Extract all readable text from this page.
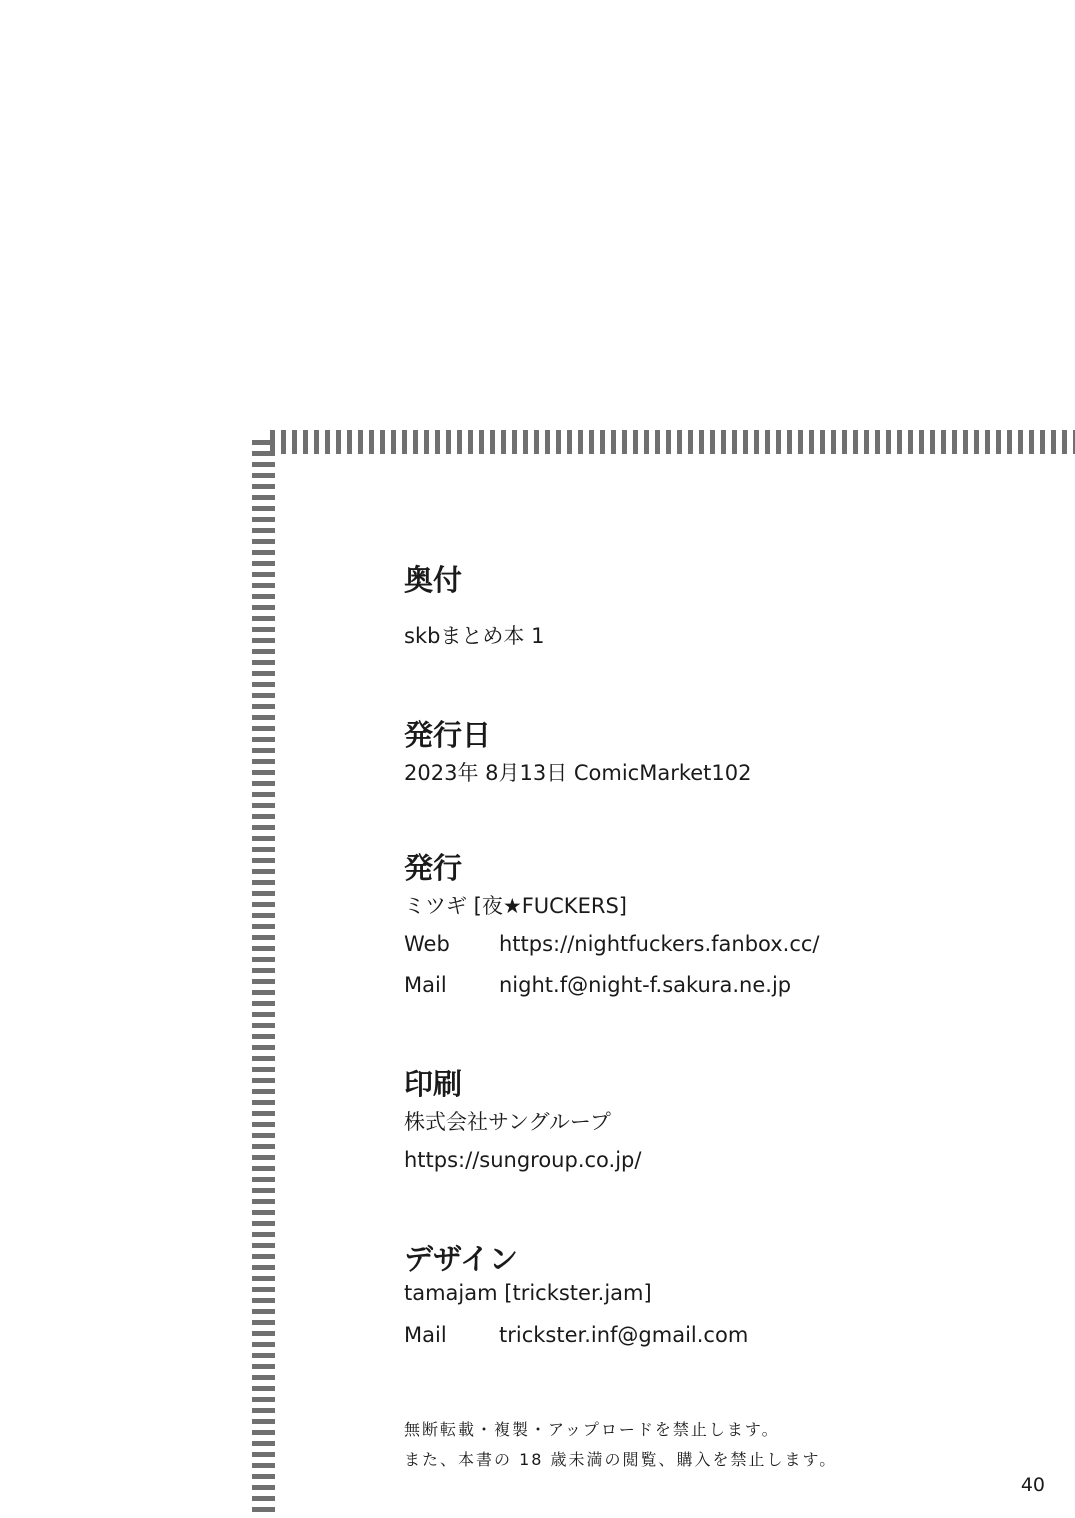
奥付
skbまとめ本 1
発行日
2023年 8月13日 ComicMarket102
発行
ミツギ [夜★FUCKERS]
Web https://nightfuckers.fanbox.cc/
Mail night.f@night-f.sakura.ne.jp
印刷
株式会社サングループ
https://sungroup.co.jp/
デザイン
tamajam [trickster.jam]
Mail trickster.inf@gmail.com
無断転載・複製・アップロードを禁止します。
また、本書の 18 歳未満の閲覧、購入を禁止します。
40
